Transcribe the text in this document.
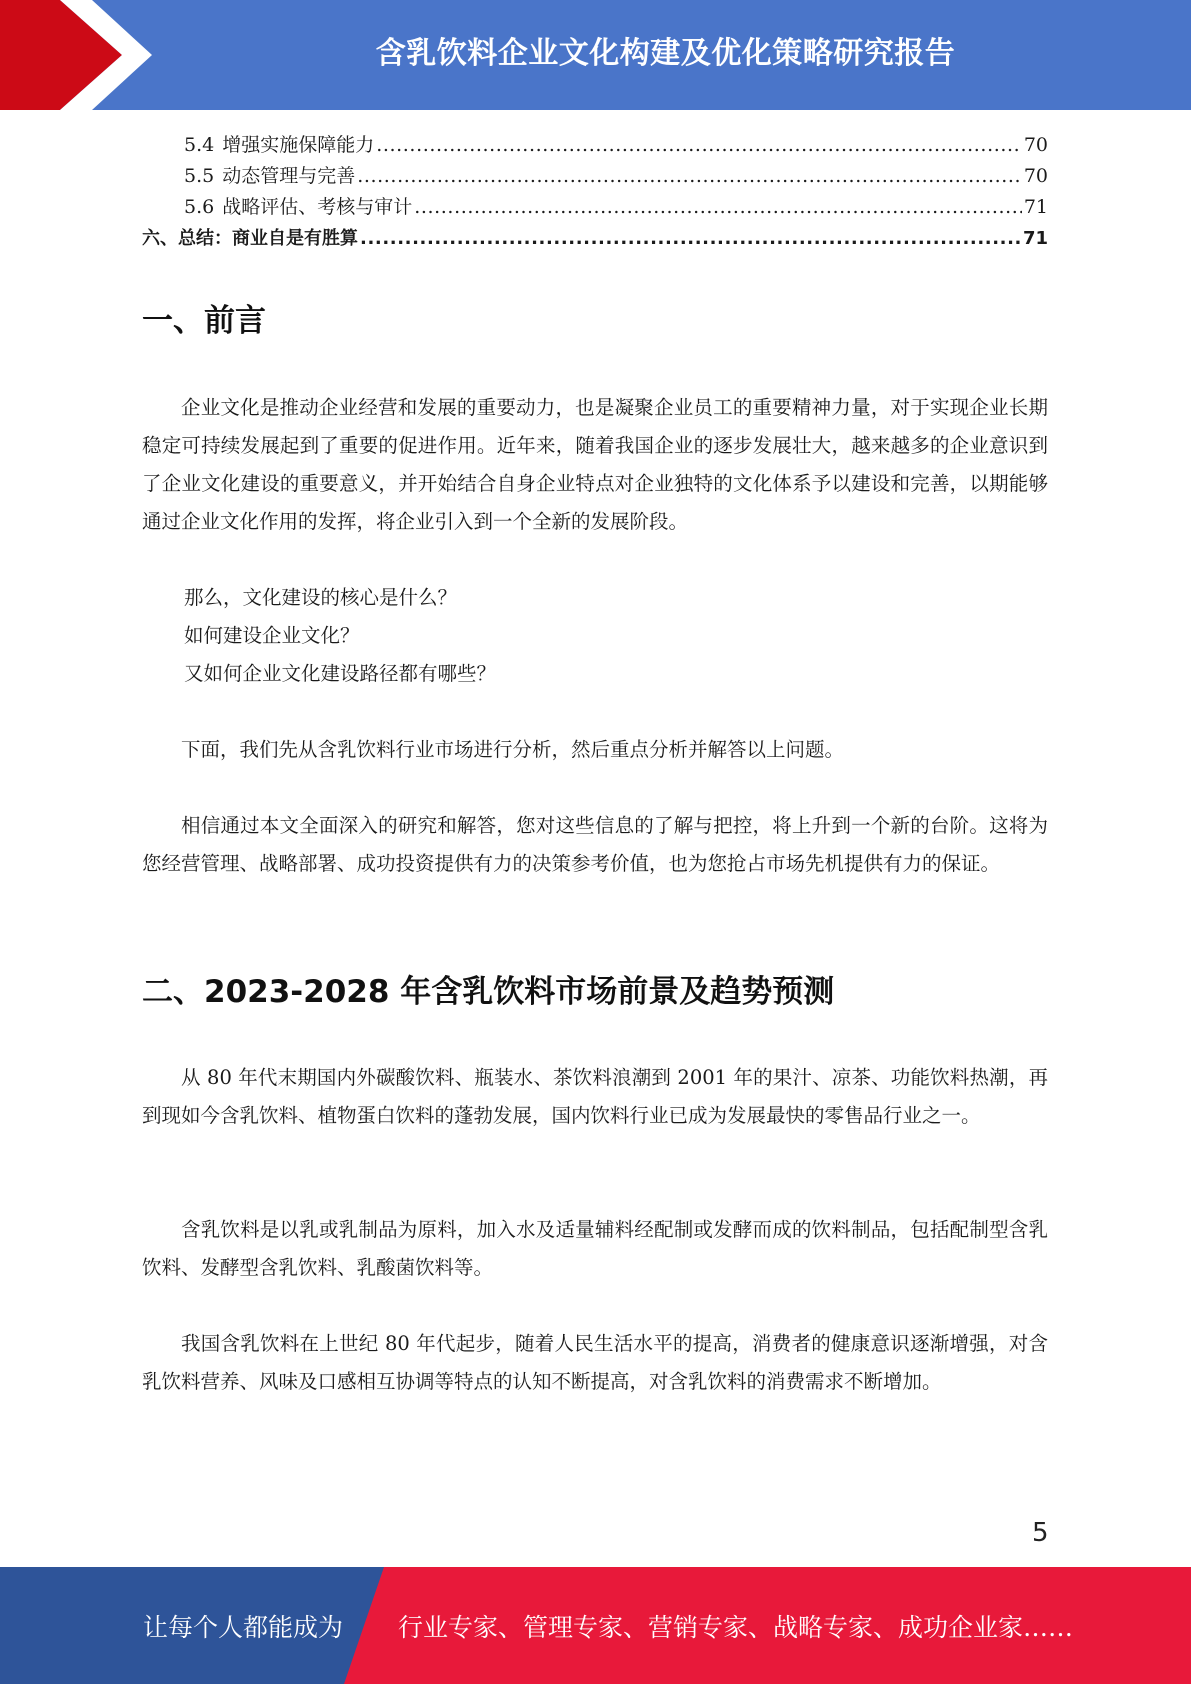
含乳饮料企业文化构建及优化策略研究报告
5.4 增强实施保障能力 .....	70
5.5 动态管理与完善 .....	70
5.6 战略评估、考核与审计 .....	71
六、总结：商业自是有胜算 .....	71
一、前言

企业文化是推动企业经营和发展的重要动力，也是凝聚企业员工的重要精神力量，对于实现企业长期稳定可持续发展起到了重要的促进作用。近年来，随着我国企业的逐步发展壮大，越来越多的企业意识到了企业文化建设的重要意义，并开始结合自身企业特点对企业独特的文化体系予以建设和完善，以期能够通过企业文化作用的发挥，将企业引入到一个全新的发展阶段。

那么，文化建设的核心是什么？

如何建设企业文化？

又如何企业文化建设路径都有哪些？

下面，我们先从含乳饮料行业市场进行分析，然后重点分析并解答以上问题。

相信通过本文全面深入的研究和解答，您对这些信息的了解与把控，将上升到一个新的台阶。这将为您经营管理、战略部署、成功投资提供有力的决策参考价值，也为您抢占市场先机提供有力的保证。

二、2023-2028 年含乳饮料市场前景及趋势预测

从 80 年代末期国内外碳酸饮料、瓶装水、茶饮料浪潮到 2001 年的果汁、凉茶、功能饮料热潮，再到现如今含乳饮料、植物蛋白饮料的蓬勃发展，国内饮料行业已成为发展最快的零售品行业之一。

含乳饮料是以乳或乳制品为原料，加入水及适量辅料经配制或发酵而成的饮料制品，包括配制型含乳饮料、发酵型含乳饮料、乳酸菌饮料等。

我国含乳饮料在上世纪 80 年代起步，随着人民生活水平的提高，消费者的健康意识逐渐增强，对含乳饮料营养、风味及口感相互协调等特点的认知不断提高，对含乳饮料的消费需求不断增加。

5
让每个人都能成为 行业专家、管理专家、营销专家、战略专家、成功企业家……
